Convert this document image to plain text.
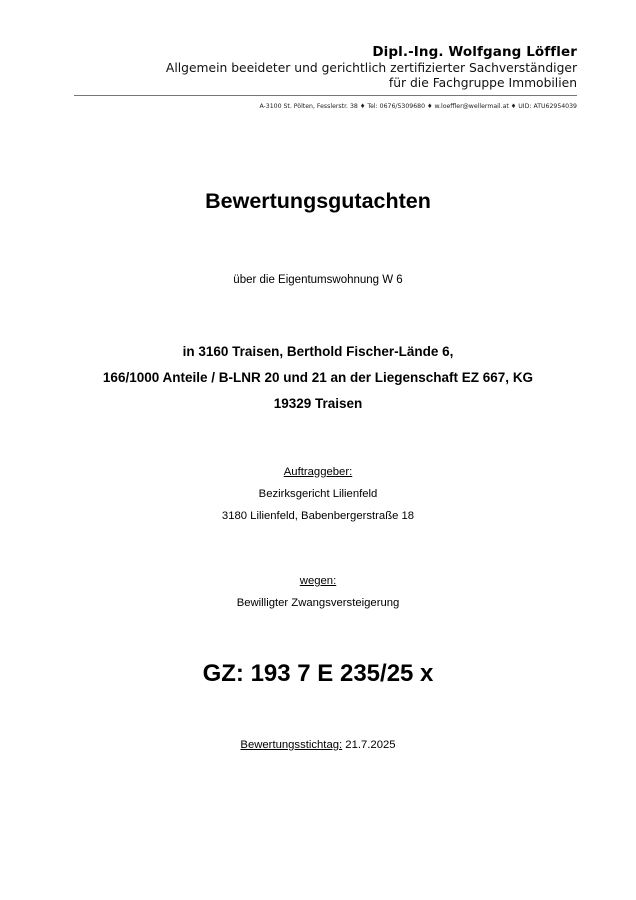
Dipl.-Ing. Wolfgang Löffler
Allgemein beeideter und gerichtlich zertifizierter Sachverständiger
für die Fachgruppe Immobilien
A-3100 St. Pölten, Fesslerstr. 38 ♦ Tel: 0676/5309680 ♦ w.loeffler@wellermail.at ♦ UID: ATU62954039
Bewertungsgutachten
über die Eigentumswohnung W 6
in 3160 Traisen, Berthold Fischer-Lände 6,
166/1000 Anteile / B-LNR 20 und 21 an der Liegenschaft EZ 667, KG
19329 Traisen
Auftraggeber:
Bezirksgericht Lilienfeld
3180 Lilienfeld, Babenbergerstraße 18
wegen:
Bewilligter Zwangsversteigerung
GZ: 193 7 E 235/25 x
Bewertungsstichtag: 21.7.2025
